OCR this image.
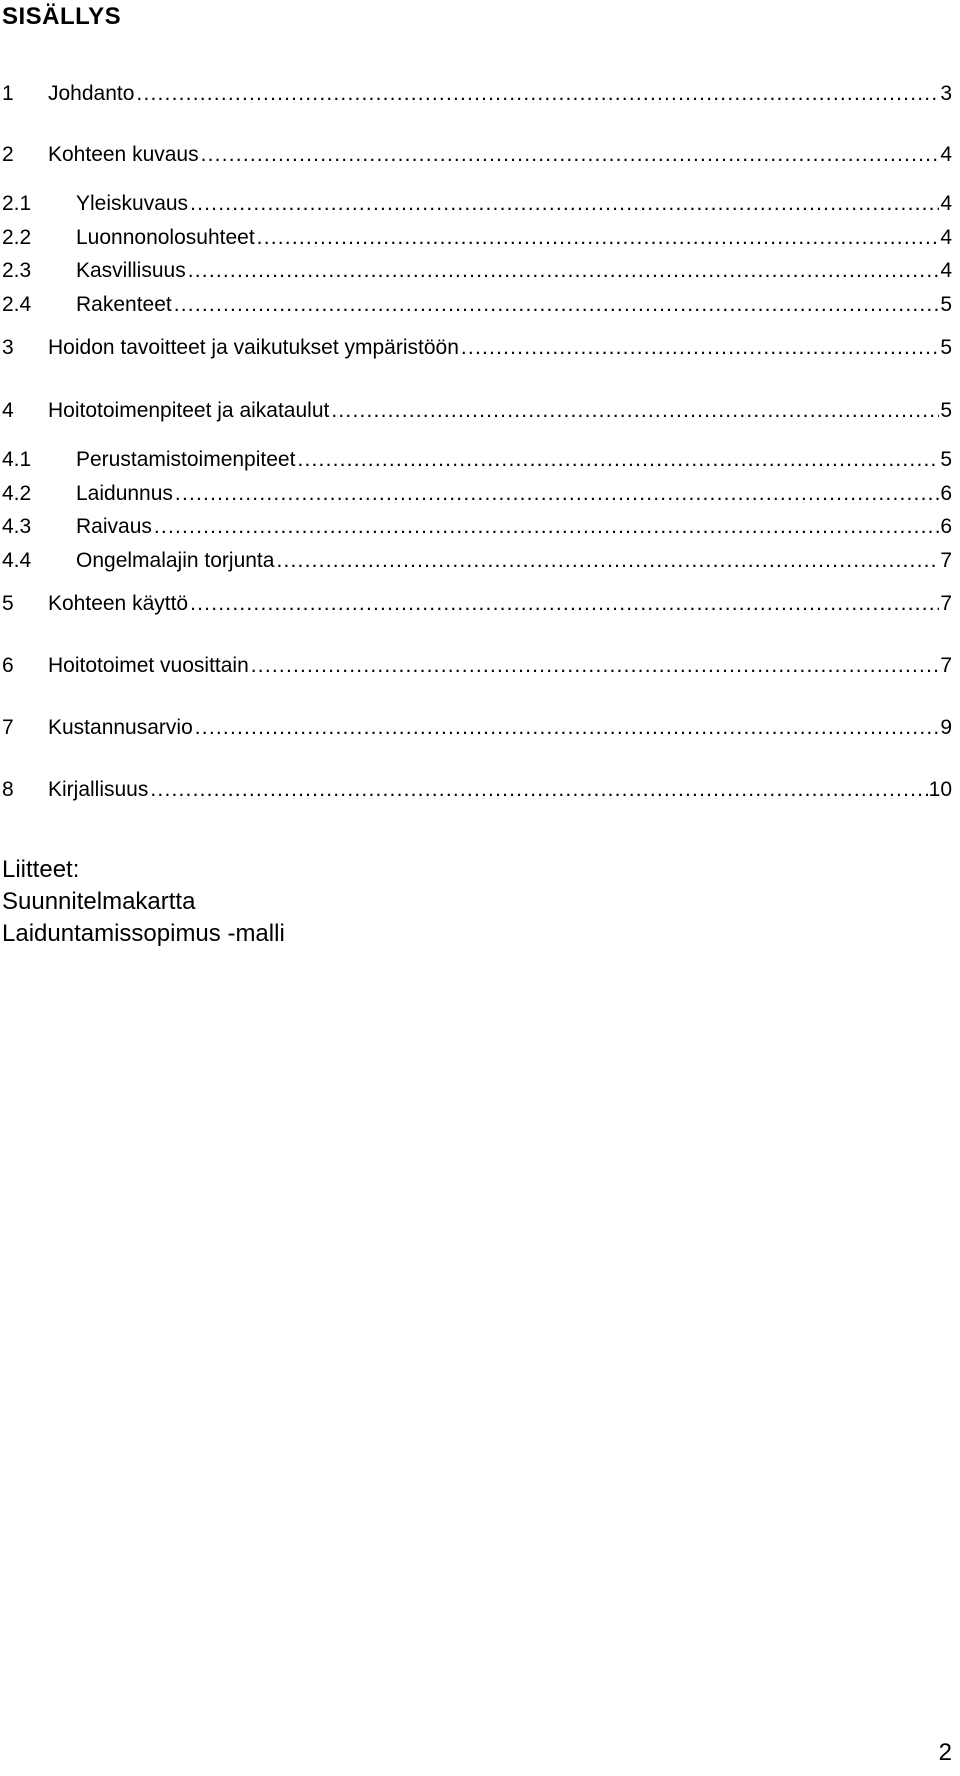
SISÄLLYS
1	Johdanto .....	3
2	Kohteen kuvaus .....	4
2.1	Yleiskuvaus .....	4
2.2	Luonnonolosuhteet .....	4
2.3	Kasvillisuus .....	4
2.4	Rakenteet .....	5
3	Hoidon tavoitteet ja vaikutukset ympäristöön .....	5
4	Hoitotoimenpiteet ja aikataulut .....	5
4.1	Perustamistoimenpiteet .....	5
4.2	Laidunnus .....	6
4.3	Raivaus .....	6
4.4	Ongelmalajin torjunta .....	7
5	Kohteen käyttö .....	7
6	Hoitotoimet vuosittain .....	7
7	Kustannusarvio .....	9
8	Kirjallisuus .....	10
Liitteet:
Suunnitelmakartta
Laiduntamissopimus -malli
2
